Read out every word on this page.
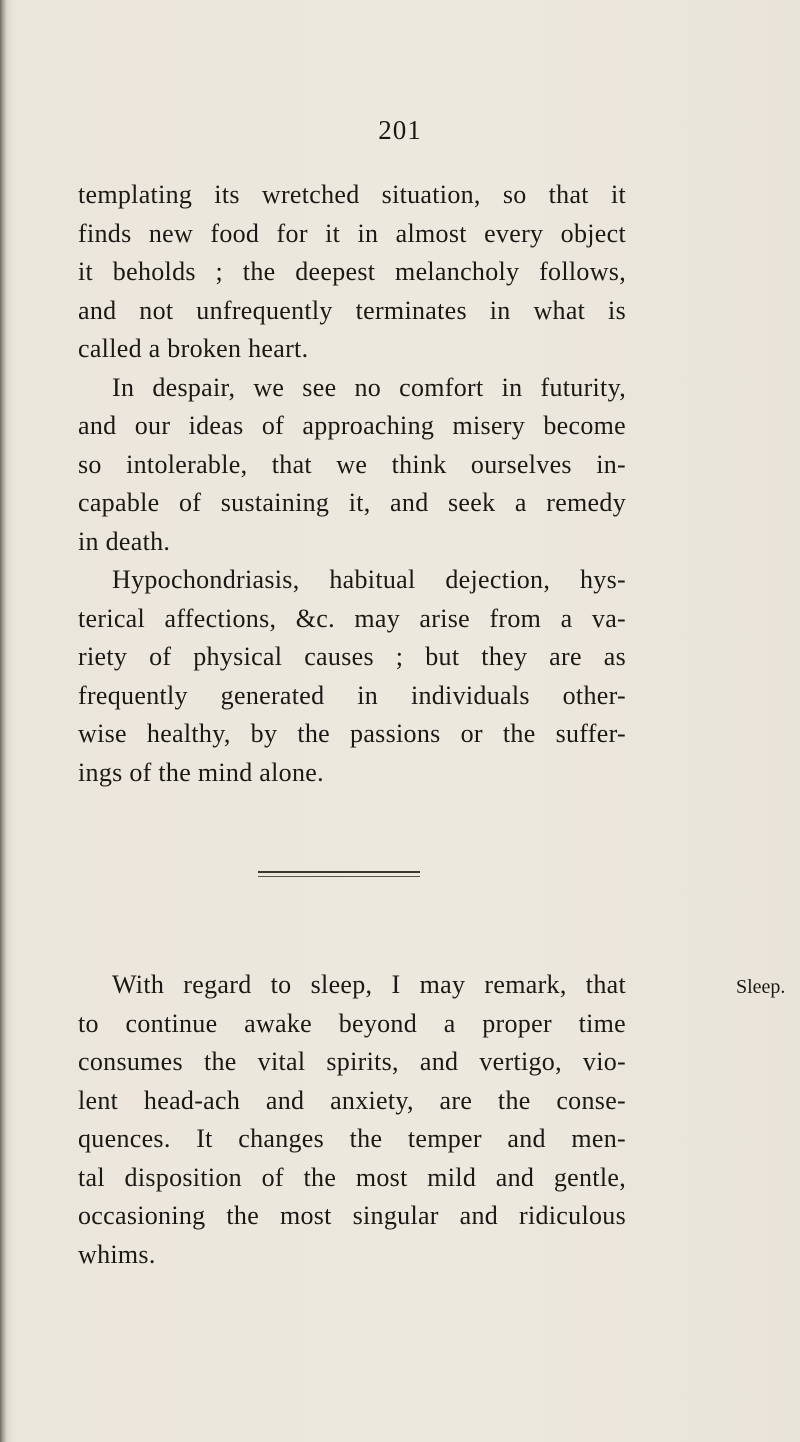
201
templating its wretched situation, so that it
finds new food for it in almost every object
it beholds ; the deepest melancholy follows,
and not unfrequently terminates in what is
called a broken heart.
In despair, we see no comfort in futurity,
and our ideas of approaching misery become
so intolerable, that we think ourselves in-
capable of sustaining it, and seek a remedy
in death.
Hypochondriasis, habitual dejection, hys-
terical affections, &c. may arise from a va-
riety of physical causes ; but they are as
frequently generated in individuals other-
wise healthy, by the passions or the suffer-
ings of the mind alone.
With regard to sleep, I may remark, that
to continue awake beyond a proper time
consumes the vital spirits, and vertigo, vio-
lent head-ach and anxiety, are the conse-
quences. It changes the temper and men-
tal disposition of the most mild and gentle,
occasioning the most singular and ridiculous
whims.
Sleep.
